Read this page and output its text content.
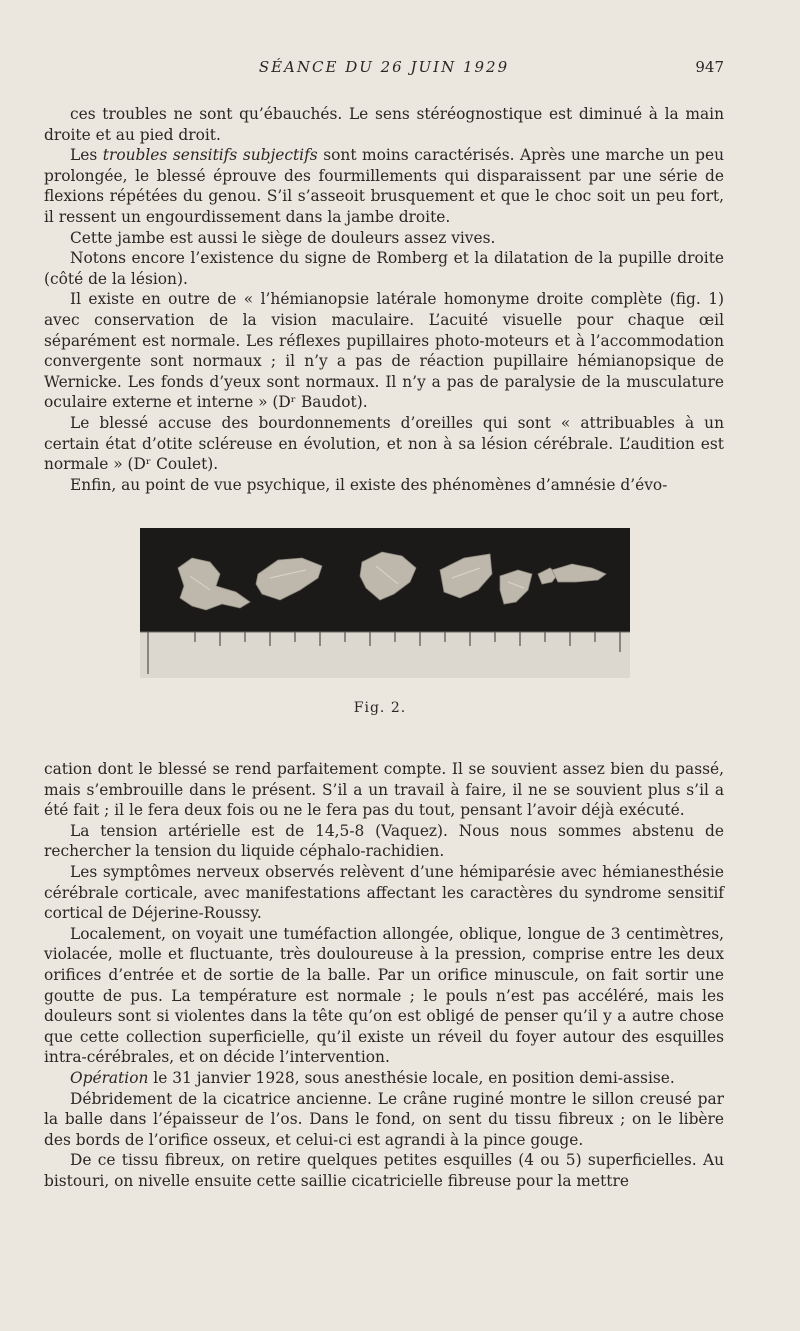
SÉANCE DU 26 JUIN 1929	947

ces troubles ne sont qu’ébauchés. Le sens stéréognostique est diminué à la main droite et au pied droit.

Les troubles sensitifs subjectifs sont moins caractérisés. Après une marche un peu prolongée, le blessé éprouve des fourmillements qui disparaissent par une série de flexions répétées du genou. S’il s’asseoit brusquement et que le choc soit un peu fort, il ressent un engourdissement dans la jambe droite.

Cette jambe est aussi le siège de douleurs assez vives.

Notons encore l’existence du signe de Romberg et la dilatation de la pupille droite (côté de la lésion).

Il existe en outre de « l’hémianopsie latérale homonyme droite complète (fig. 1) avec conservation de la vision maculaire. L’acuité visuelle pour chaque œil séparément est normale. Les réflexes pupillaires photo-moteurs et à l’accommodation convergente sont normaux ; il n’y a pas de réaction pupillaire hémianopsique de Wernicke. Les fonds d’yeux sont normaux. Il n’y a pas de paralysie de la musculature oculaire externe et interne » (Dʳ Baudot).

Le blessé accuse des bourdonnements d’oreilles qui sont « attribuables à un certain état d’otite scléreuse en évolution, et non à sa lésion cérébrale. L’audition est normale » (Dʳ Coulet).

Enfin, au point de vue psychique, il existe des phénomènes d’amnésie d’évo-

Fig. 2.

cation dont le blessé se rend parfaitement compte. Il se souvient assez bien du passé, mais s’embrouille dans le présent. S’il a un travail à faire, il ne se souvient plus s’il a été fait ; il le fera deux fois ou ne le fera pas du tout, pensant l’avoir déjà exécuté.

La tension artérielle est de 14,5-8 (Vaquez). Nous nous sommes abstenu de rechercher la tension du liquide céphalo-rachidien.

Les symptômes nerveux observés relèvent d’une hémiparésie avec hémianesthésie cérébrale corticale, avec manifestations affectant les caractères du syndrome sensitif cortical de Déjerine-Roussy.

Localement, on voyait une tuméfaction allongée, oblique, longue de 3 centimètres, violacée, molle et fluctuante, très douloureuse à la pression, comprise entre les deux orifices d’entrée et de sortie de la balle. Par un orifice minuscule, on fait sortir une goutte de pus. La température est normale ; le pouls n’est pas accéléré, mais les douleurs sont si violentes dans la tête qu’on est obligé de penser qu’il y a autre chose que cette collection superficielle, qu’il existe un réveil du foyer autour des esquilles intra-cérébrales, et on décide l’intervention.

Opération le 31 janvier 1928, sous anesthésie locale, en position demi-assise.

Débridement de la cicatrice ancienne. Le crâne ruginé montre le sillon creusé par la balle dans l’épaisseur de l’os. Dans le fond, on sent du tissu fibreux ; on le libère des bords de l’orifice osseux, et celui-ci est agrandi à la pince gouge.

De ce tissu fibreux, on retire quelques petites esquilles (4 ou 5) superficielles. Au bistouri, on nivelle ensuite cette saillie cicatricielle fibreuse pour la mettre
